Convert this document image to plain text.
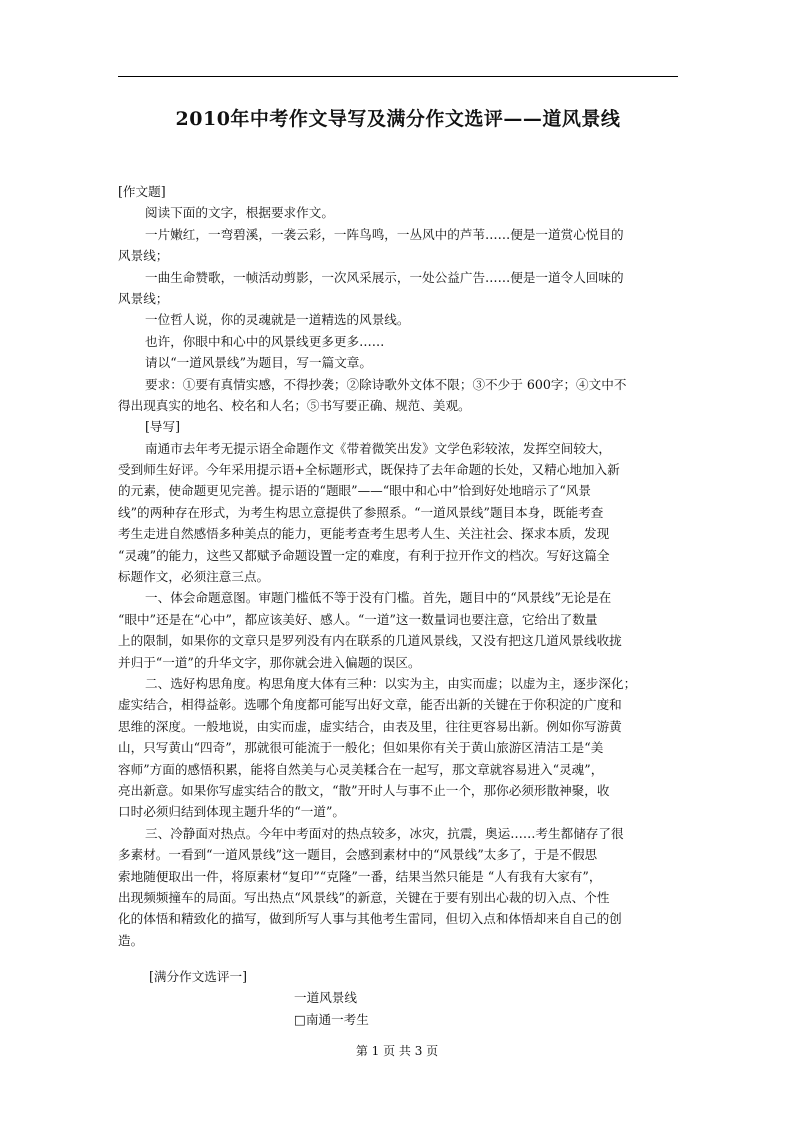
2010年中考作文导写及满分作文选评——道风景线
[作文题]
阅读下面的文字，根据要求作文。
一片嫩红，一弯碧溪，一袭云彩，一阵鸟鸣，一丛风中的芦苇……便是一道赏心悦目的
风景线；
一曲生命赞歌，一帧活动剪影，一次风采展示，一处公益广告……便是一道令人回味的
风景线；
一位哲人说，你的灵魂就是一道精选的风景线。
也许，你眼中和心中的风景线更多更多……
请以“一道风景线”为题目，写一篇文章。
要求：①要有真情实感，不得抄袭；②除诗歌外文体不限；③不少于 600字；④文中不
得出现真实的地名、校名和人名；⑤书写要正确、规范、美观。
[导写]
南通市去年考无提示语全命题作文《带着微笑出发》文学色彩较浓，发挥空间较大，
受到师生好评。今年采用提示语+全标题形式，既保持了去年命题的长处，又精心地加入新
的元素，使命题更见完善。提示语的“题眼”——“眼中和心中”恰到好处地暗示了“风景
线”的两种存在形式，为考生构思立意提供了参照系。“一道风景线”题目本身，既能考查
考生走进自然感悟多种美点的能力，更能考查考生思考人生、关注社会、探求本质，发现
“灵魂”的能力，这些又都赋予命题设置一定的难度，有利于拉开作文的档次。写好这篇全
标题作文，必须注意三点。
一、体会命题意图。审题门槛低不等于没有门槛。首先，题目中的“风景线”无论是在
“眼中”还是在“心中”，都应该美好、感人。“一道”这一数量词也要注意，它给出了数量
上的限制，如果你的文章只是罗列没有内在联系的几道风景线，又没有把这几道风景线收拢
并归于“一道”的升华文字，那你就会进入偏题的误区。
二、选好构思角度。构思角度大体有三种：以实为主，由实而虚；以虚为主，逐步深化；
虚实结合，相得益彰。选哪个角度都可能写出好文章，能否出新的关键在于你积淀的广度和
思维的深度。一般地说，由实而虚，虚实结合，由表及里，往往更容易出新。例如你写游黄
山，只写黄山“四奇”，那就很可能流于一般化；但如果你有关于黄山旅游区清洁工是“美
容师”方面的感悟积累，能将自然美与心灵美糅合在一起写，那文章就容易进入“灵魂”，
亮出新意。如果你写虚实结合的散文，“散”开时人与事不止一个，那你必须形散神聚，收
口时必须归结到体现主题升华的“一道”。
三、冷静面对热点。今年中考面对的热点较多，冰灾，抗震，奥运……考生都储存了很
多素材。一看到“一道风景线”这一题目，会感到素材中的“风景线”太多了，于是不假思
索地随便取出一件，将原素材“复印”“克隆”一番，结果当然只能是 “人有我有大家有”，
出现频频撞车的局面。写出热点“风景线”的新意，关键在于要有别出心裁的切入点、个性
化的体悟和精致化的描写，做到所写人事与其他考生雷同，但切入点和体悟却来自自己的创
造。
[满分作文选评一]
一道风景线
□南通一考生
第 1 页 共 3 页
